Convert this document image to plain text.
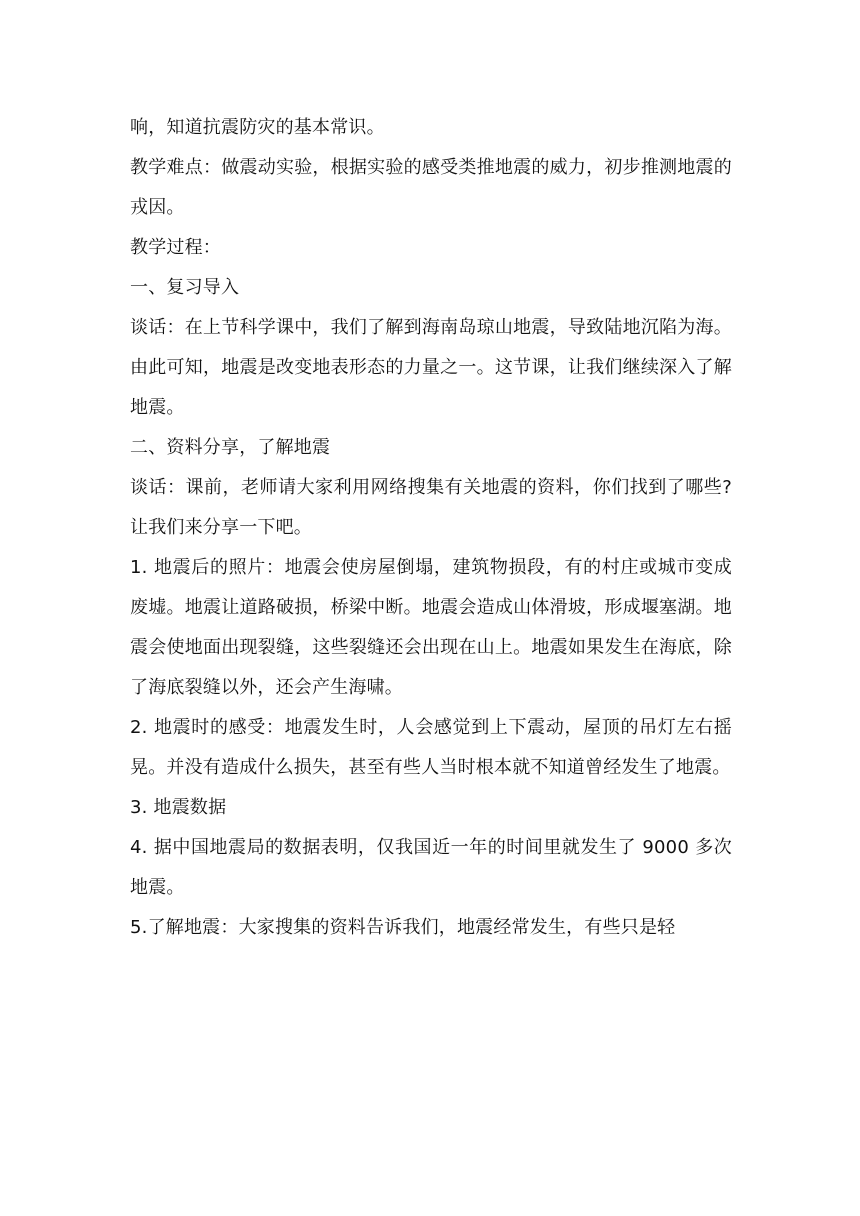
响，知道抗震防灾的基本常识。

教学难点：做震动实验，根据实验的感受类推地震的威力，初步推测地震的戎因。

教学过程：

一、复习导入

谈话：在上节科学课中，我们了解到海南岛琼山地震，导致陆地沉陷为海。由此可知，地震是改变地表形态的力量之一。这节课，让我们继续深入了解地震。

二、资料分享，了解地震

谈话：课前，老师请大家利用网络搜集有关地震的资料，你们找到了哪些?让我们来分享一下吧。

1. 地震后的照片：地震会使房屋倒塌，建筑物损段，有的村庄或城市变成废墟。地震让道路破损，桥梁中断。地震会造成山体滑坡，形成堰塞湖。地震会使地面出现裂缝，这些裂缝还会出现在山上。地震如果发生在海底，除了海底裂缝以外，还会产生海啸。

2. 地震时的感受：地震发生时，人会感觉到上下震动，屋顶的吊灯左右摇晃。并没有造成什么损失，甚至有些人当时根本就不知道曾经发生了地震。

3. 地震数据

4. 据中国地震局的数据表明，仅我国近一年的时间里就发生了 9000 多次地震。

5.了解地震：大家搜集的资料告诉我们，地震经常发生，有些只是轻
